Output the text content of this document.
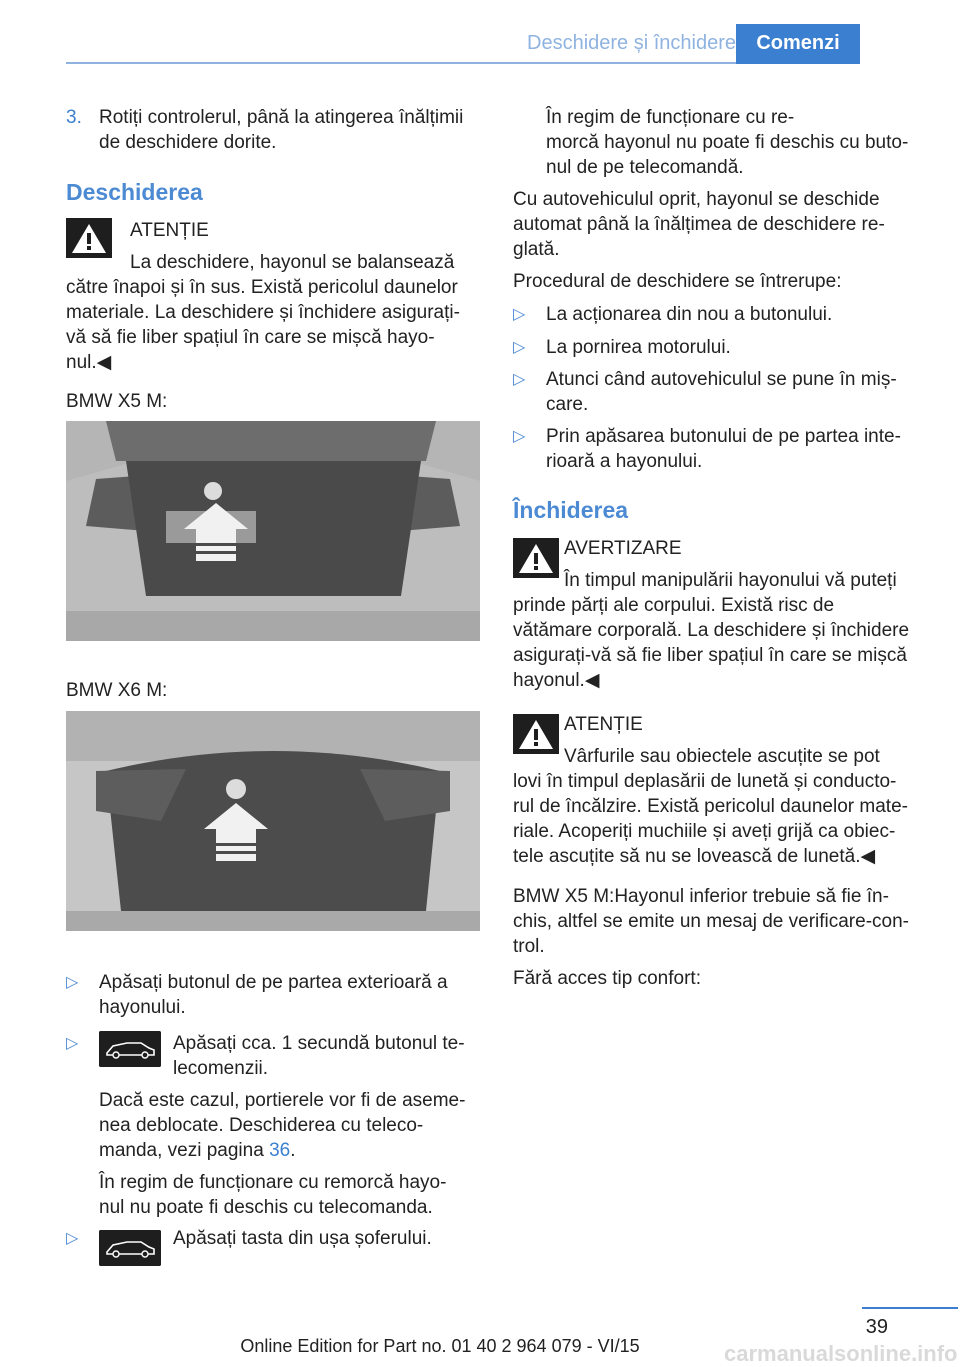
Deschidere și închidere	Comenzi
3. Rotiți controlerul, până la atingerea înălțimii

de deschidere dorite.

Deschiderea

ATENȚIE

La deschidere, hayonul se balansează

către înapoi și în sus. Există pericolul daunelor

materiale. La deschidere și închidere asigurați-

vă să fie liber spațiul în care se mișcă hayo-

nul.◀

BMW X5 M:

BMW X6 M:

▷ Apăsați butonul de pe partea exterioară a

hayonului.

▷	Apăsați cca. 1 secundă butonul te-

lecomenzii.

Dacă este cazul, portierele vor fi de aseme-

nea deblocate. Deschiderea cu teleco-

manda, vezi pagina 36.

În regim de funcționare cu remorcă hayo-

nul nu poate fi deschis cu telecomanda.

▷	Apăsați tasta din ușa șoferului.

În regim de funcționare cu re-

morcă hayonul nu poate fi deschis cu buto-

nul de pe telecomandă.

Cu autovehiculul oprit, hayonul se deschide

automat până la înălțimea de deschidere re-

glată.

Procedural de deschidere se întrerupe:

▷ La acționarea din nou a butonului.

▷ La pornirea motorului.

▷ Atunci când autovehiculul se pune în miș-

care.

▷ Prin apăsarea butonului de pe partea inte-

rioară a hayonului.

Închiderea

AVERTIZARE

În timpul manipulării hayonului vă puteți

prinde părți ale corpului. Există risc de

vătămare corporală. La deschidere și închidere

asigurați-vă să fie liber spațiul în care se mișcă

hayonul.◀

ATENȚIE

Vârfurile sau obiectele ascuțite se pot

lovi în timpul deplasării de lunetă și conducto-

rul de încălzire. Există pericolul daunelor mate-

riale. Acoperiți muchiile și aveți grijă ca obiec-

tele ascuțite să nu se lovească de lunetă.◀

BMW X5 M:Hayonul inferior trebuie să fie în-

chis, altfel se emite un mesaj de verificare-con-

trol.

Fără acces tip confort:

39
Online Edition for Part no. 01 40 2 964 079 - VI/15	carmanualsonline.info
